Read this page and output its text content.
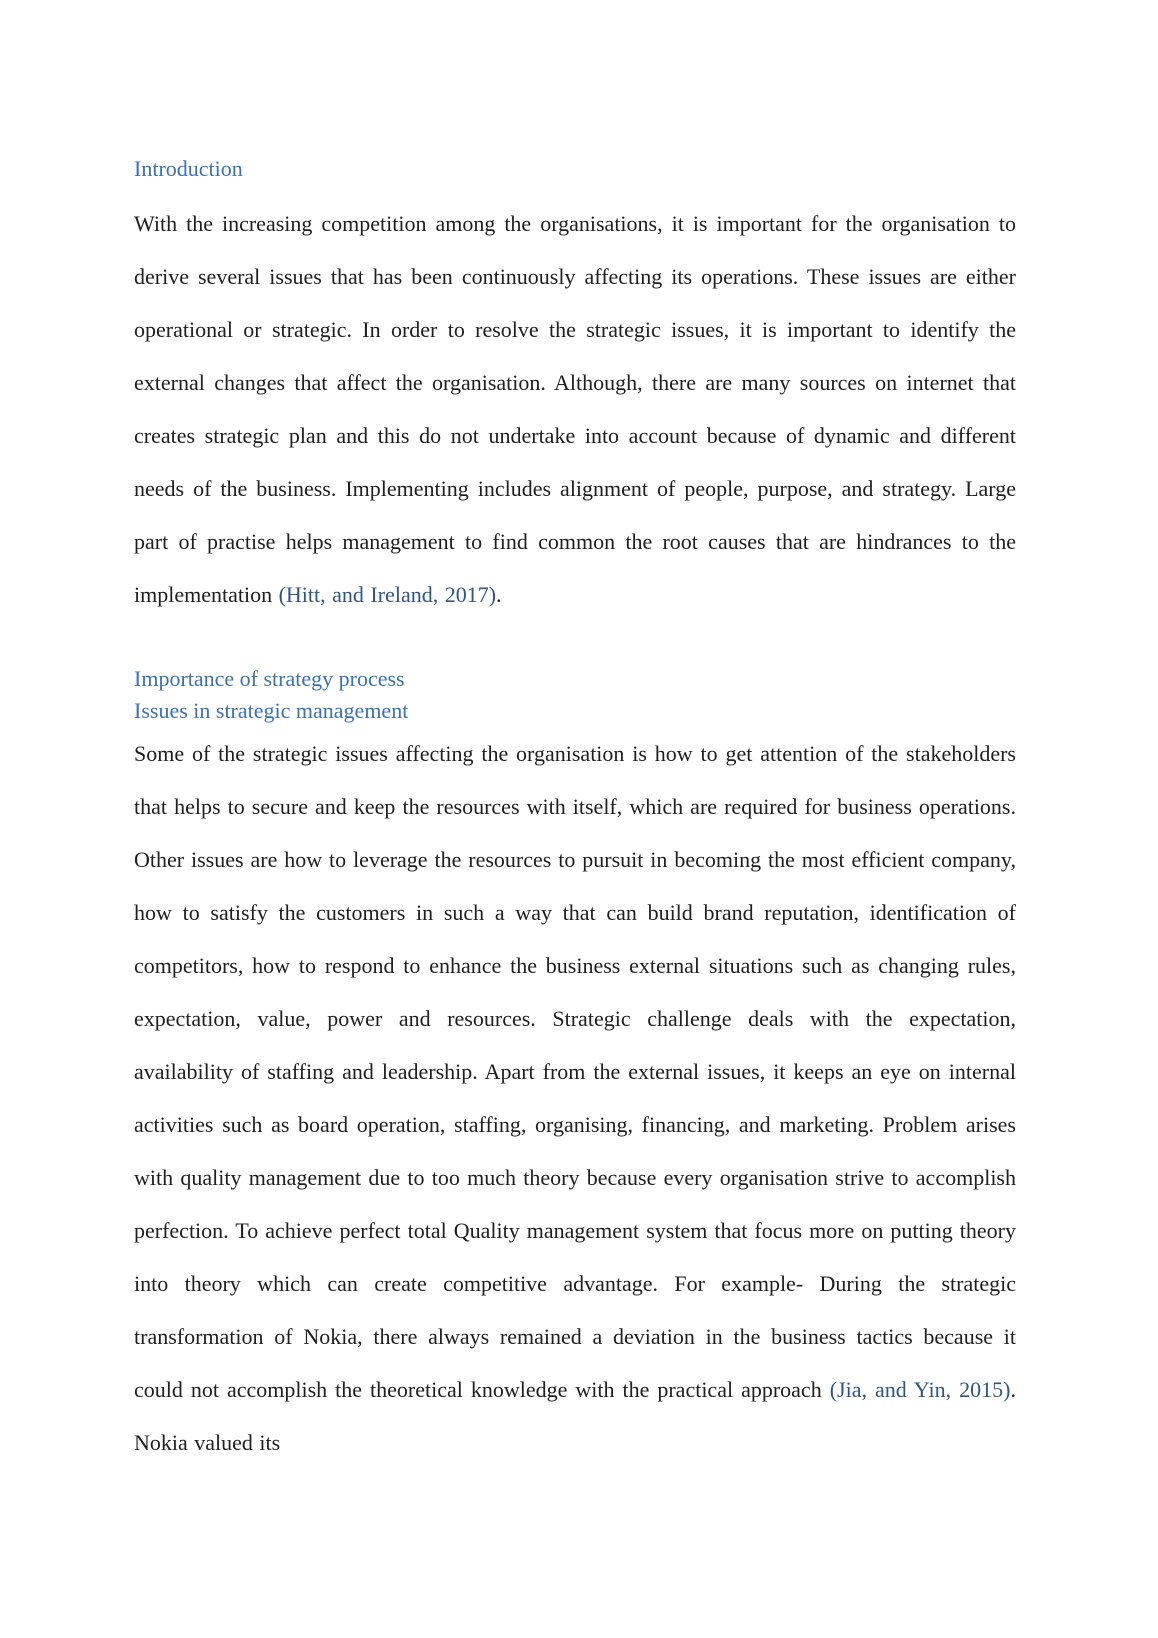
Introduction

With the increasing competition among the organisations, it is important for the organisation to derive several issues that has been continuously affecting its operations. These issues are either operational or strategic. In order to resolve the strategic issues, it is important to identify the external changes that affect the organisation. Although, there are many sources on internet that creates strategic plan and this do not undertake into account because of dynamic and different needs of the business. Implementing includes alignment of people, purpose, and strategy. Large part of practise helps management to find common the root causes that are hindrances to the implementation (Hitt, and Ireland, 2017).

Importance of strategy process
Issues in strategic management

Some of the strategic issues affecting the organisation is how to get attention of the stakeholders that helps to secure and keep the resources with itself, which are required for business operations. Other issues are how to leverage the resources to pursuit in becoming the most efficient company, how to satisfy the customers in such a way that can build brand reputation, identification of competitors, how to respond to enhance the business external situations such as changing rules, expectation, value, power and resources. Strategic challenge deals with the expectation, availability of staffing and leadership. Apart from the external issues, it keeps an eye on internal activities such as board operation, staffing, organising, financing, and marketing. Problem arises with quality management due to too much theory because every organisation strive to accomplish perfection. To achieve perfect total Quality management system that focus more on putting theory into theory which can create competitive advantage. For example- During the strategic transformation of Nokia, there always remained a deviation in the business tactics because it could not accomplish the theoretical knowledge with the practical approach (Jia, and Yin, 2015). Nokia valued its
